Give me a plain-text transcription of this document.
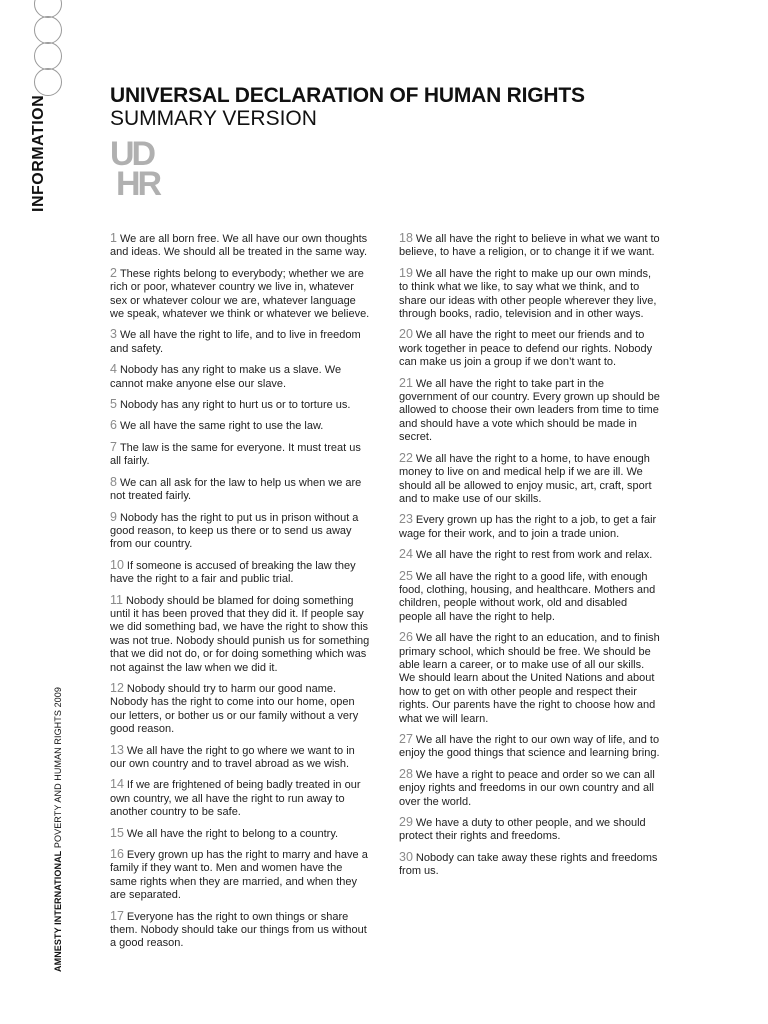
INFORMATION
AMNESTY INTERNATIONAL POVERTY AND HUMAN RIGHTS 2009
UNIVERSAL DECLARATION OF HUMAN RIGHTS
SUMMARY VERSION
UD
HR
1 We are all born free. We all have our own thoughts and ideas. We should all be treated in the same way.
2 These rights belong to everybody; whether we are rich or poor, whatever country we live in, whatever sex or whatever colour we are, whatever language we speak, whatever we think or whatever we believe.
3 We all have the right to life, and to live in freedom and safety.
4 Nobody has any right to make us a slave. We cannot make anyone else our slave.
5 Nobody has any right to hurt us or to torture us.
6 We all have the same right to use the law.
7 The law is the same for everyone. It must treat us all fairly.
8 We can all ask for the law to help us when we are not treated fairly.
9 Nobody has the right to put us in prison without a good reason, to keep us there or to send us away from our country.
10 If someone is accused of breaking the law they have the right to a fair and public trial.
11 Nobody should be blamed for doing something until it has been proved that they did it. If people say we did something bad, we have the right to show this was not true. Nobody should punish us for something that we did not do, or for doing something which was not against the law when we did it.
12 Nobody should try to harm our good name. Nobody has the right to come into our home, open our letters, or bother us or our family without a very good reason.
13 We all have the right to go where we want to in our own country and to travel abroad as we wish.
14 If we are frightened of being badly treated in our own country, we all have the right to run away to another country to be safe.
15 We all have the right to belong to a country.
16 Every grown up has the right to marry and have a family if they want to. Men and women have the same rights when they are married, and when they are separated.
17 Everyone has the right to own things or share them. Nobody should take our things from us without a good reason.
18 We all have the right to believe in what we want to believe, to have a religion, or to change it if we want.
19 We all have the right to make up our own minds, to think what we like, to say what we think, and to share our ideas with other people wherever they live, through books, radio, television and in other ways.
20 We all have the right to meet our friends and to work together in peace to defend our rights. Nobody can make us join a group if we don’t want to.
21 We all have the right to take part in the government of our country. Every grown up should be allowed to choose their own leaders from time to time and should have a vote which should be made in secret.
22 We all have the right to a home, to have enough money to live on and medical help if we are ill. We should all be allowed to enjoy music, art, craft, sport and to make use of our skills.
23 Every grown up has the right to a job, to get a fair wage for their work, and to join a trade union.
24 We all have the right to rest from work and relax.
25 We all have the right to a good life, with enough food, clothing, housing, and healthcare. Mothers and children, people without work, old and disabled people all have the right to help.
26 We all have the right to an education, and to finish primary school, which should be free. We should be able learn a career, or to make use of all our skills. We should learn about the United Nations and about how to get on with other people and respect their rights. Our parents have the right to choose how and what we will learn.
27 We all have the right to our own way of life, and to enjoy the good things that science and learning bring.
28 We have a right to peace and order so we can all enjoy rights and freedoms in our own country and all over the world.
29 We have a duty to other people, and we should protect their rights and freedoms.
30 Nobody can take away these rights and freedoms from us.
